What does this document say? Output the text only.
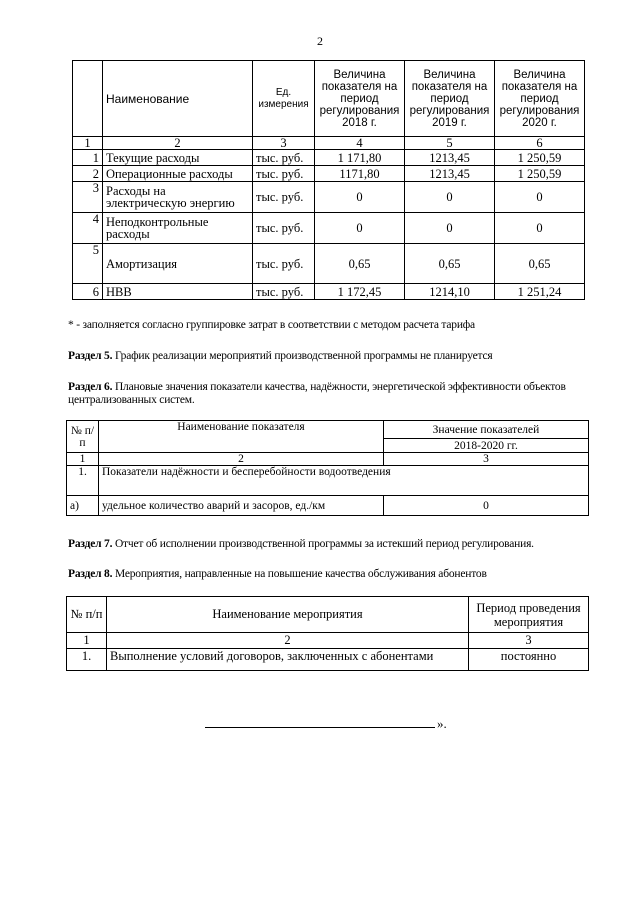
2
	Наименование	Ед. измерения	Величина показателя на период регулирования 2018 г.	Величина показателя на период регулирования 2019 г.	Величина показателя на период регулирования 2020 г.
1	2	3	4	5	6
1	Текущие расходы	тыс. руб.	1 171,80	1213,45	1 250,59
2	Операционные расходы	тыс. руб.	1171,80	1213,45	1 250,59
3	Расходы на электрическую энергию	тыс. руб.	0	0	0
4	Неподконтрольные расходы	тыс. руб.	0	0	0
5	Амортизация	тыс. руб.	0,65	0,65	0,65
6	НВВ	тыс. руб.	1 172,45	1214,10	1 251,24
* - заполняется согласно группировке затрат в соответствии с методом расчета тарифа
Раздел 5. График реализации мероприятий производственной программы не планируется
Раздел 6. Плановые значения показатели качества, надёжности, энергетической эффективности объектов централизованных систем.
№ п/п	Наименование показателя	Значение показателей
		2018-2020 гг.
1	2	3
1.	Показатели надёжности и бесперебойности водоотведения	
а)	удельное количество аварий и засоров, ед./км	0
Раздел 7. Отчет об исполнении производственной программы за истекший период регулирования.
Раздел 8. Мероприятия, направленные на повышение качества обслуживания абонентов
№ п/п	Наименование мероприятия	Период проведения мероприятия
1	2	3
1.	Выполнение условий договоров, заключенных с абонентами	постоянно
».
